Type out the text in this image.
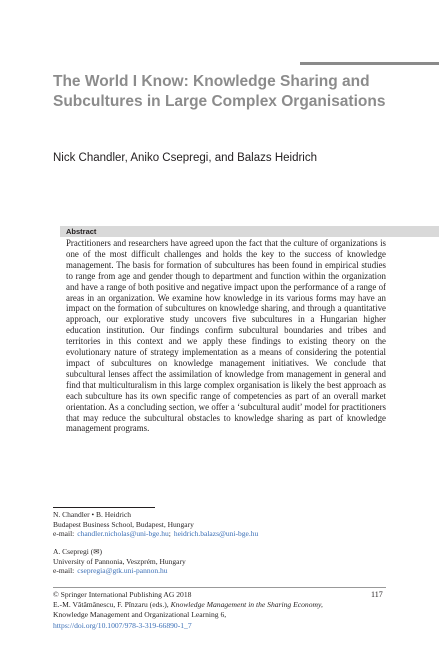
The World I Know: Knowledge Sharing and Subcultures in Large Complex Organisations
Nick Chandler, Aniko Csepregi, and Balazs Heidrich
Abstract
Practitioners and researchers have agreed upon the fact that the culture of organizations is one of the most difficult challenges and holds the key to the success of knowledge management. The basis for formation of subcultures has been found in empirical studies to range from age and gender though to department and function within the organization and have a range of both positive and negative impact upon the performance of a range of areas in an organization. We examine how knowledge in its various forms may have an impact on the formation of subcultures on knowledge sharing, and through a quantitative approach, our explorative study uncovers five subcultures in a Hungarian higher education institution. Our findings confirm subcultural boundaries and tribes and territories in this context and we apply these findings to existing theory on the evolutionary nature of strategy implementation as a means of considering the potential impact of subcultures on knowledge management initiatives. We conclude that subcultural lenses affect the assimilation of knowledge from management in general and find that multiculturalism in this large complex organisation is likely the best approach as each subculture has its own specific range of competencies as part of an overall market orientation. As a concluding section, we offer a ‘subcultural audit’ model for practitioners that may reduce the subcultural obstacles to knowledge sharing as part of knowledge management programs.
N. Chandler • B. Heidrich
Budapest Business School, Budapest, Hungary
e-mail: chandler.nicholas@uni-bge.hu; heidrich.balazs@uni-bge.hu
A. Csepregi (✉)
University of Pannonia, Veszprém, Hungary
e-mail: csepregia@gtk.uni-pannon.hu
© Springer International Publishing AG 2018
E.-M. Vătămănescu, F. Pînzaru (eds.), Knowledge Management in the Sharing Economy, Knowledge Management and Organizational Learning 6,
https://doi.org/10.1007/978-3-319-66890-1_7
117
